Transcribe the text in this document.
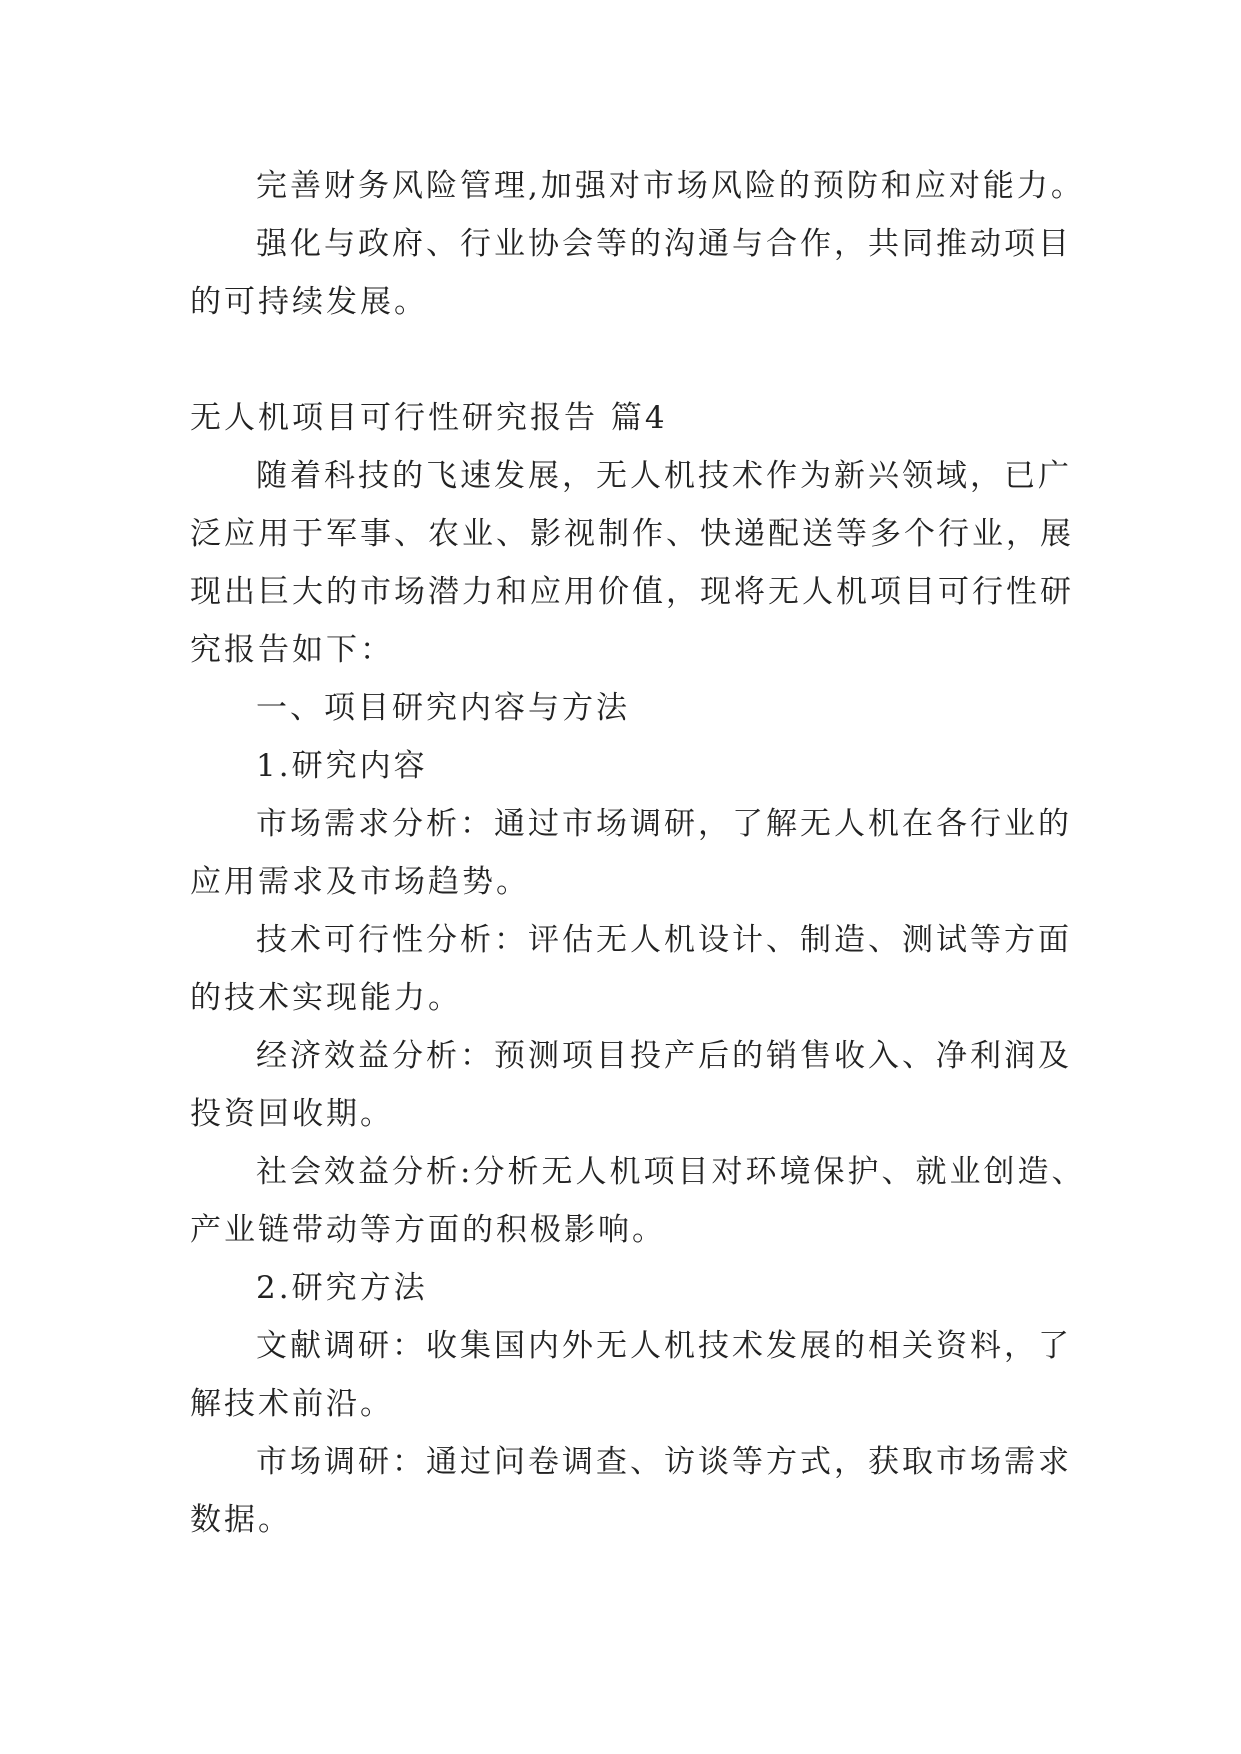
完善财务风险管理,加强对市场风险的预防和应对能力。
强化与政府、行业协会等的沟通与合作，共同推动项目
的可持续发展。
无人机项目可行性研究报告 篇4
随着科技的飞速发展，无人机技术作为新兴领域，已广
泛应用于军事、农业、影视制作、快递配送等多个行业，展
现出巨大的市场潜力和应用价值，现将无人机项目可行性研
究报告如下：
一、项目研究内容与方法
1.研究内容
市场需求分析：通过市场调研，了解无人机在各行业的
应用需求及市场趋势。
技术可行性分析：评估无人机设计、制造、测试等方面
的技术实现能力。
经济效益分析：预测项目投产后的销售收入、净利润及
投资回收期。
社会效益分析:分析无人机项目对环境保护、就业创造、
产业链带动等方面的积极影响。
2.研究方法
文献调研：收集国内外无人机技术发展的相关资料，了
解技术前沿。
市场调研：通过问卷调查、访谈等方式，获取市场需求
数据。
